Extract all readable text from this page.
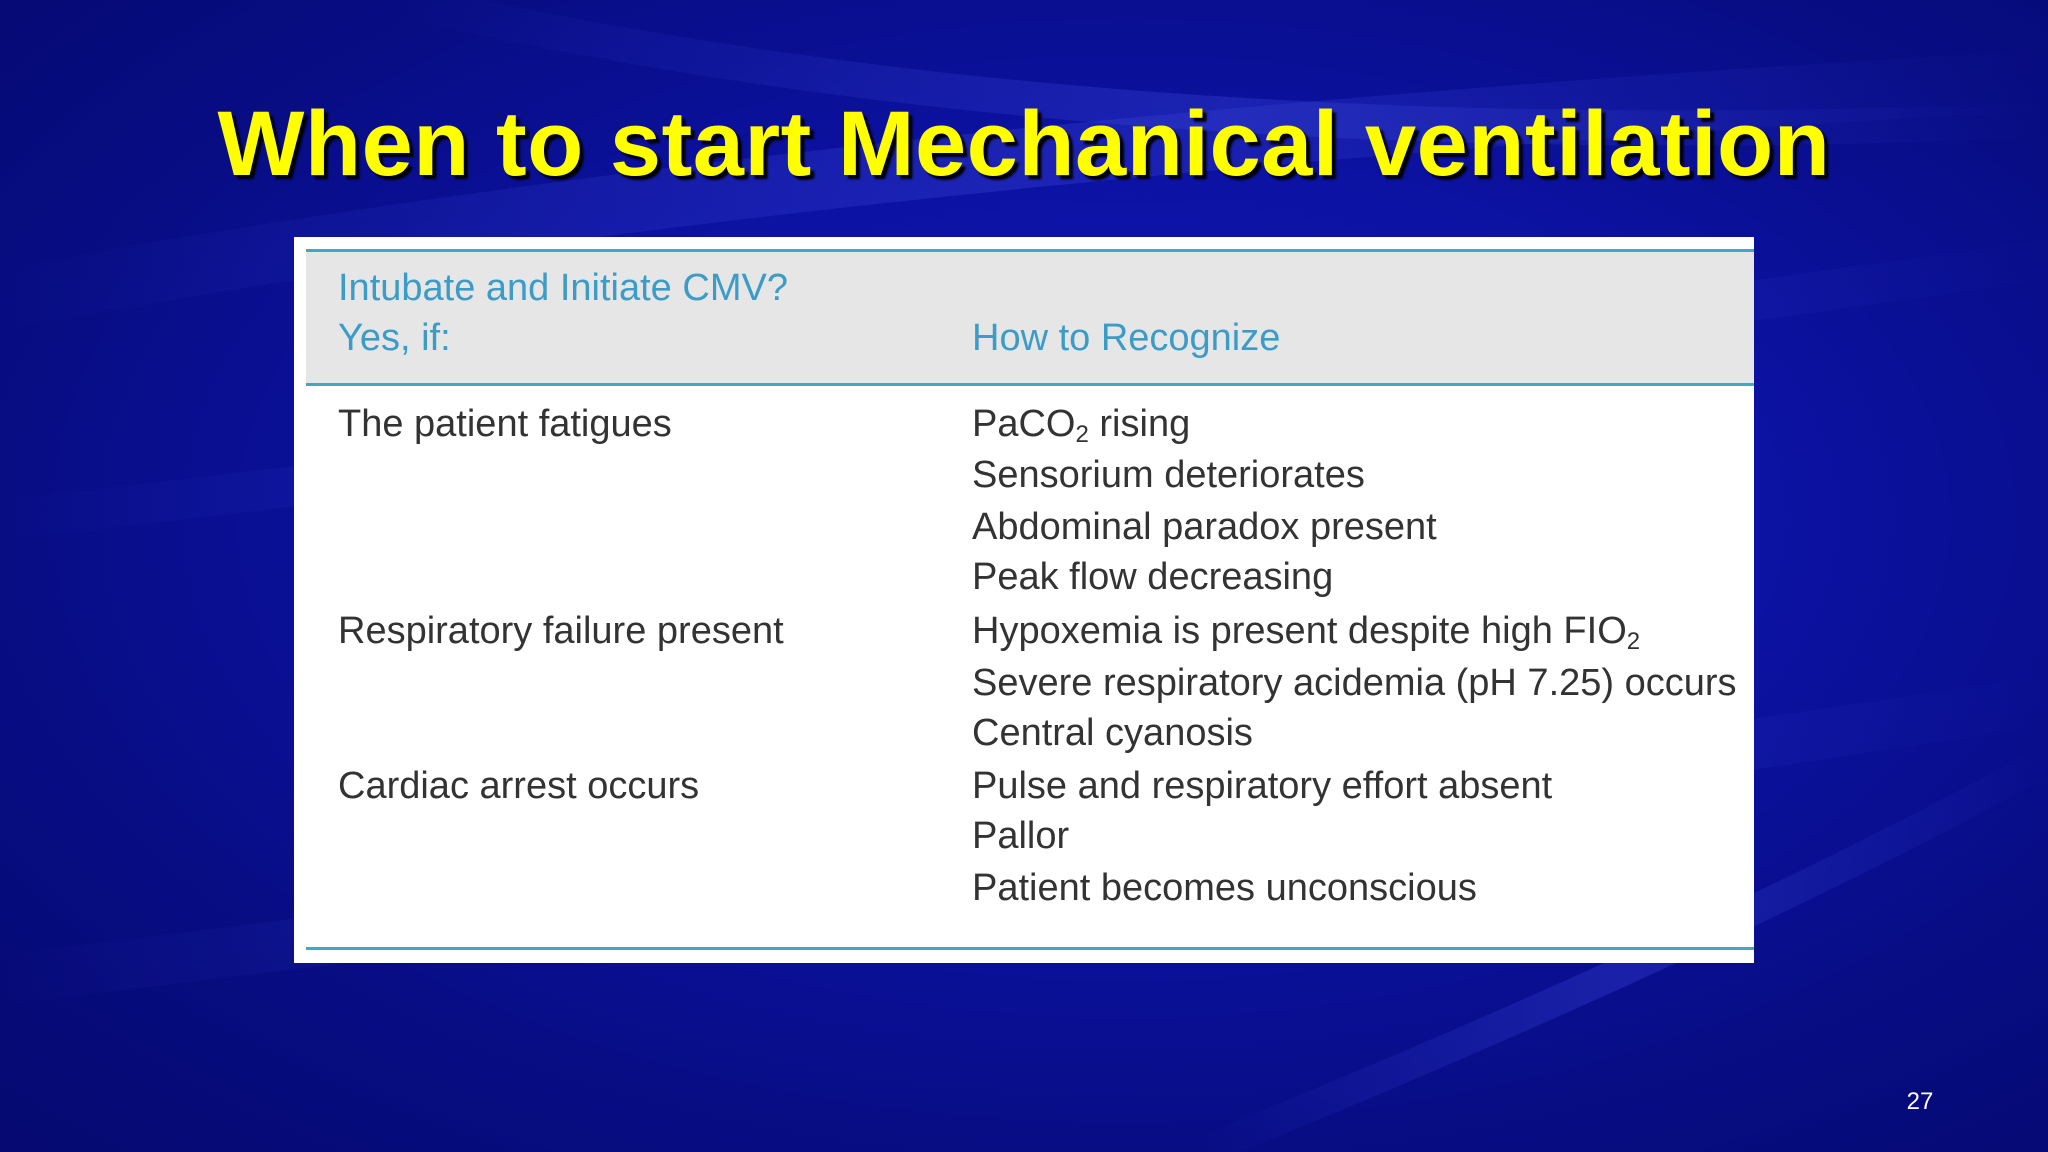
When to start Mechanical ventilation
Intubate and Initiate CMV?
Yes, if:	How to Recognize
The patient fatigues	PaCO$_2$ rising
Sensorium deteriorates
Abdominal paradox present
Peak flow decreasing
Respiratory failure present	Hypoxemia is present despite high $FIO_2$
Severe respiratory acidemia (pH 7.25) occurs
Central cyanosis
Cardiac arrest occurs	Pulse and respiratory effort absent
Pallor
Patient becomes unconscious
27
